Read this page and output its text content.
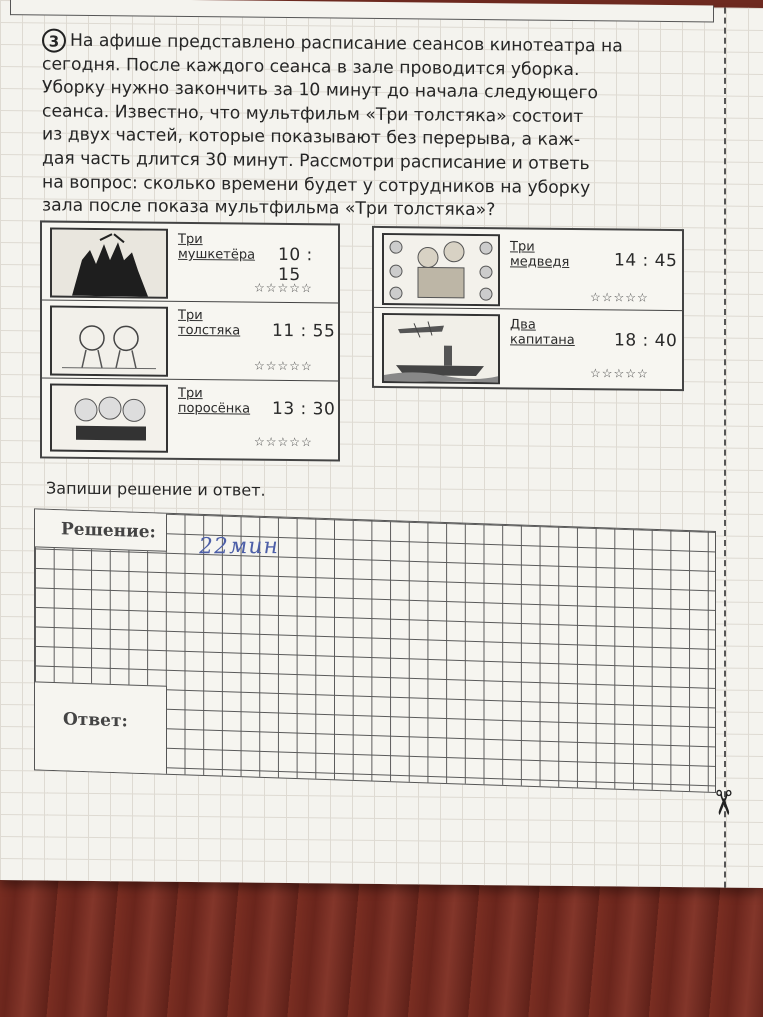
3 На афише представлено расписание сеансов кинотеатра на
сегодня. После каждого сеанса в зале проводится уборка.
Уборку нужно закончить за 10 минут до начала следующего
сеанса. Известно, что мультфильм «Три толстяка» состоит
из двух частей, которые показывают без перерыва, а каж-
дая часть длится 30 минут. Рассмотри расписание и ответь
на вопрос: сколько времени будет у сотрудников на уборку
зала после показа мультфильма «Три толстяка»?
Три
мушкетёра 10 : 15
☆☆☆☆☆
Три
толстяка 11 : 55
☆☆☆☆☆
Три
поросёнка 13 : 30
☆☆☆☆☆
Три
медведя	14 : 45
☆☆☆☆☆
Два
капитана 18 : 40
☆☆☆☆☆
Запиши решение и ответ.
Решение:
22мин
Ответ:
✂
